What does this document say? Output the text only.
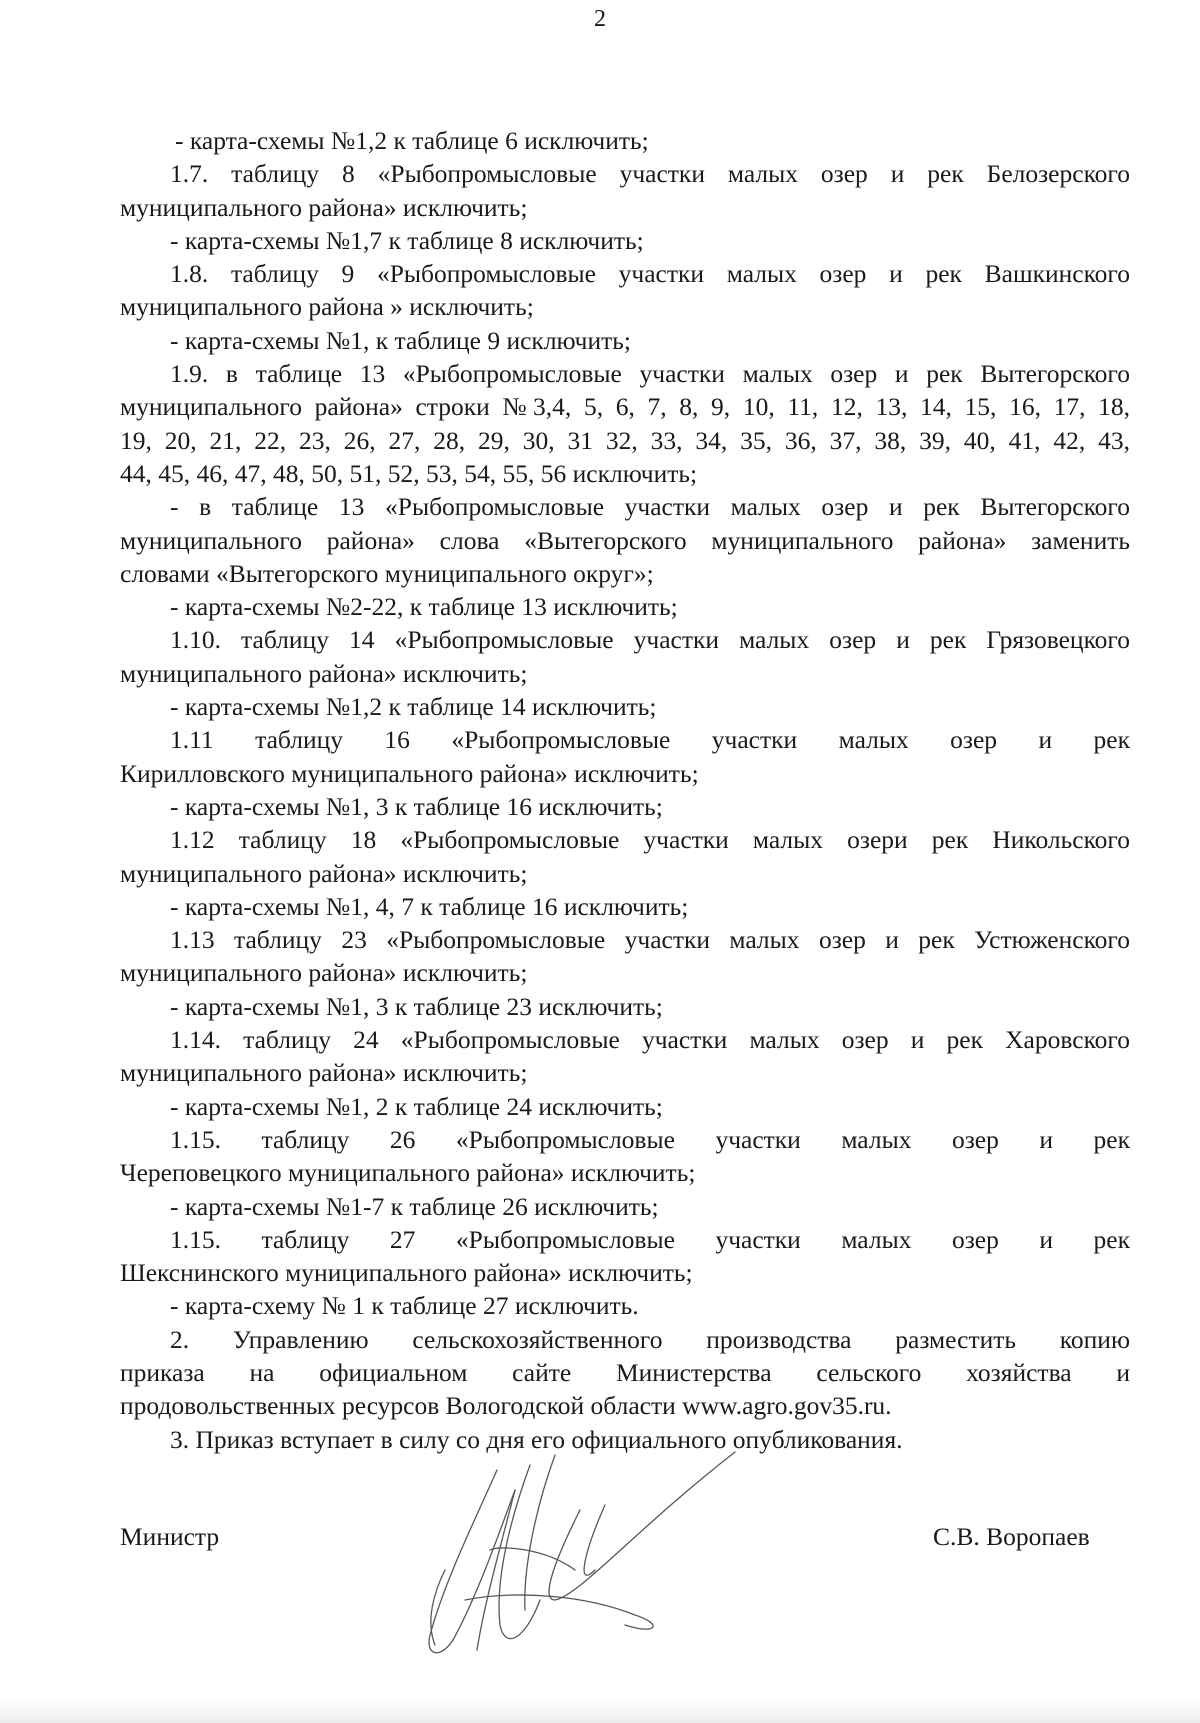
2
- карта-схемы №1,2 к таблице 6 исключить;
1.7. таблицу 8 «Рыбопромысловые участки малых озер и рек Белозерского
муниципального района» исключить;
- карта-схемы №1,7 к таблице 8 исключить;
1.8. таблицу 9 «Рыбопромысловые участки малых озер и рек Вашкинского
муниципального района » исключить;
- карта-схемы №1, к таблице 9 исключить;
1.9. в таблице 13 «Рыбопромысловые участки малых озер и рек Вытегорского
муниципального района» строки №3,4, 5, 6, 7, 8, 9, 10, 11, 12, 13, 14, 15, 16, 17, 18,
19, 20, 21, 22, 23, 26, 27, 28, 29, 30, 31 32, 33, 34, 35, 36, 37, 38, 39, 40, 41, 42, 43,
44, 45, 46, 47, 48, 50, 51, 52, 53, 54, 55, 56 исключить;
- в таблице 13 «Рыбопромысловые участки малых озер и рек Вытегорского
муниципального района» слова «Вытегорского муниципального района» заменить
словами «Вытегорского муниципального округ»;
- карта-схемы №2-22, к таблице 13 исключить;
1.10. таблицу 14 «Рыбопромысловые участки малых озер и рек Грязовецкого
муниципального района» исключить;
- карта-схемы №1,2 к таблице 14 исключить;
1.11 таблицу 16 «Рыбопромысловые участки малых озер и рек
Кирилловского муниципального района» исключить;
- карта-схемы №1, 3 к таблице 16 исключить;
1.12 таблицу 18 «Рыбопромысловые участки малых озери рек Никольского
муниципального района» исключить;
- карта-схемы №1, 4, 7 к таблице 16 исключить;
1.13 таблицу 23 «Рыбопромысловые участки малых озер и рек Устюженского
муниципального района» исключить;
- карта-схемы №1, 3 к таблице 23 исключить;
1.14. таблицу 24 «Рыбопромысловые участки малых озер и рек Харовского
муниципального района» исключить;
- карта-схемы №1, 2 к таблице 24 исключить;
1.15. таблицу 26 «Рыбопромысловые участки малых озер и рек
Череповецкого муниципального района» исключить;
- карта-схемы №1-7 к таблице 26 исключить;
1.15. таблицу 27 «Рыбопромысловые участки малых озер и рек
Шекснинского муниципального района» исключить;
- карта-схему № 1 к таблице 27 исключить.
2. Управлению сельскохозяйственного производства разместить копию
приказа на официальном сайте Министерства сельского хозяйства и
продовольственных ресурсов Вологодской области www.agro.gov35.ru.
3. Приказ вступает в силу со дня его официального опубликования.
Министр	С.В. Воропаев
